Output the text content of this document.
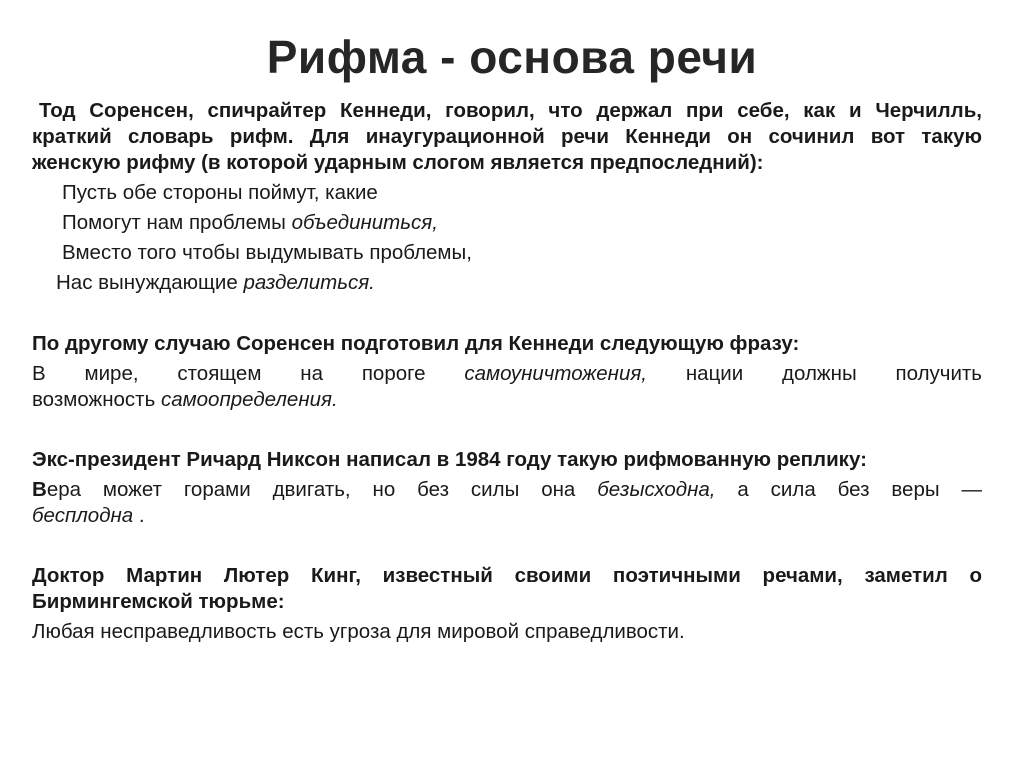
Рифма - основа речи
Тод Соренсен, спичрайтер Кеннеди, говорил, что держал при себе, как и Черчилль,
краткий словарь рифм. Для инаугурационной речи Кеннеди он сочинил вот такую
женскую рифму (в которой ударным слогом является предпоследний):
Пусть обе стороны поймут, какие
Помогут нам проблемы объединиться,
Вместо того чтобы выдумывать проблемы,
Нас вынуждающие разделиться.
По другому случаю Соренсен подготовил для Кеннеди следующую фразу:
В мире, стоящем на пороге самоуничтожения, нации должны получить
возможность самоопределения.
Экс-президент Ричард Никсон написал в 1984 году такую рифмованную реплику:
Вера может горами двигать, но без силы она безысходна, а сила без веры —
бесплодна .
Доктор Мартин Лютер Кинг, известный своими поэтичными речами, заметил о
Бирмингемской тюрьме:
Любая несправедливость есть угроза для мировой справедливости.
